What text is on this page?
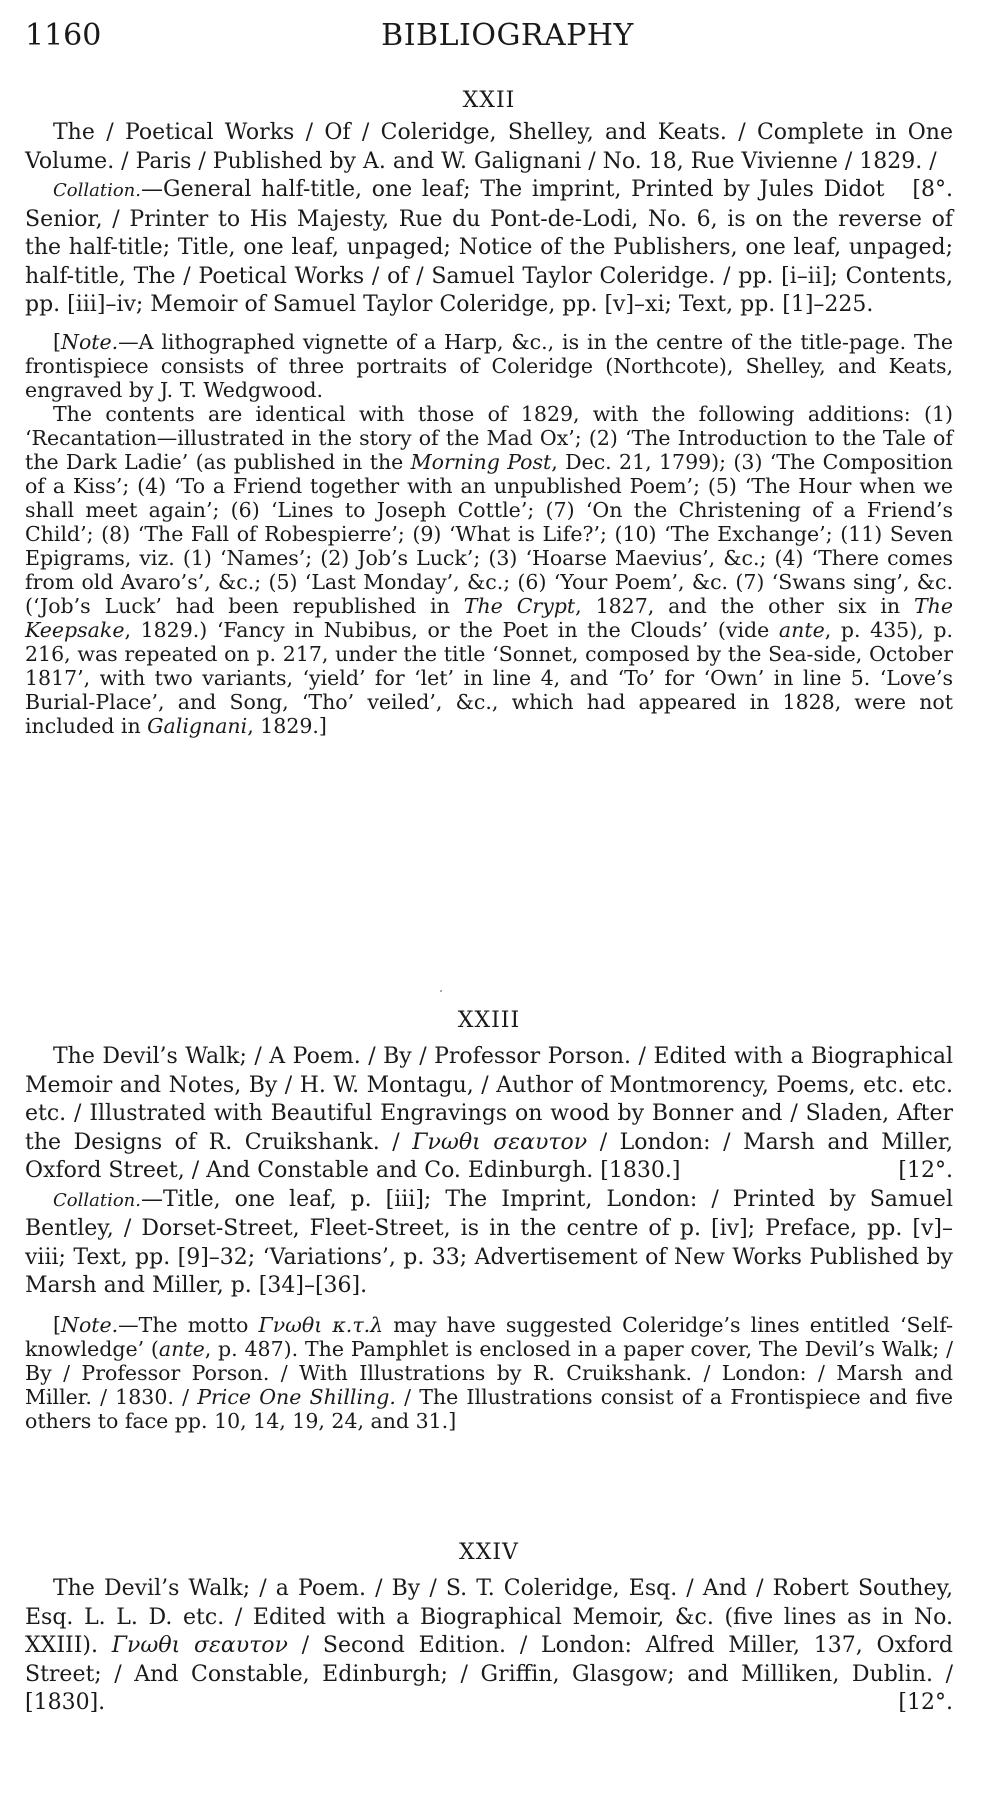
1160	BIBLIOGRAPHY

XXII

The / Poetical Works / Of / Coleridge, Shelley, and Keats. / Complete in One Volume. / Paris / Published by A. and W. Galignani / No. 18, Rue Vivienne / 1829. /
[8°.

Collation.—General half-title, one leaf; The imprint, Printed by Jules Didot Senior, / Printer to His Majesty, Rue du Pont-de-Lodi, No. 6, is on the reverse of the half-title; Title, one leaf, unpaged; Notice of the Publishers, one leaf, unpaged; half-title, The / Poetical Works / of / Samuel Taylor Coleridge. / pp. [i–ii]; Contents, pp. [iii]–iv; Memoir of Samuel Taylor Coleridge, pp. [v]–xi; Text, pp. [1]–225.

[Note.—A lithographed vignette of a Harp, &c., is in the centre of the title-page. The frontispiece consists of three portraits of Coleridge (Northcote), Shelley, and Keats, engraved by J. T. Wedgwood.

The contents are identical with those of 1829, with the following additions: (1) ‘Recantation—illustrated in the story of the Mad Ox’; (2) ‘The Introduction to the Tale of the Dark Ladie’ (as published in the Morning Post, Dec. 21, 1799); (3) ‘The Composition of a Kiss’; (4) ‘To a Friend together with an unpublished Poem’; (5) ‘The Hour when we shall meet again’; (6) ‘Lines to Joseph Cottle’; (7) ‘On the Christening of a Friend’s Child’; (8) ‘The Fall of Robespierre’; (9) ‘What is Life?’; (10) ‘The Exchange’; (11) Seven Epigrams, viz. (1) ‘Names’; (2) Job’s Luck’; (3) ‘Hoarse Maevius’, &c.; (4) ‘There comes from old Avaro’s’, &c.; (5) ‘Last Monday’, &c.; (6) ‘Your Poem’, &c. (7) ‘Swans sing’, &c. (‘Job’s Luck’ had been republished in The Crypt, 1827, and the other six in The Keepsake, 1829.) ‘Fancy in Nubibus, or the Poet in the Clouds’ (vide ante, p. 435), p. 216, was repeated on p. 217, under the title ‘Sonnet, composed by the Sea-side, October 1817’, with two variants, ‘yield’ for ‘let’ in line 4, and ‘To’ for ‘Own’ in line 5. ‘Love’s Burial-Place’, and Song, ‘Tho’ veiled’, &c., which had appeared in 1828, were not included in Galignani, 1829.]

XXIII

The Devil’s Walk; / A Poem. / By / Professor Porson. / Edited with a Biographical Memoir and Notes, By / H. W. Montagu, / Author of Montmorency, Poems, etc. etc. etc. / Illustrated with Beautiful Engravings on wood by Bonner and / Sladen, After the Designs of R. Cruikshank. / Γνωθι σεαυτον / London: / Marsh and Miller, Oxford Street, / And Constable and Co. Edinburgh. [1830.]	[12°.

Collation.—Title, one leaf, p. [iii]; The Imprint, London: / Printed by Samuel Bentley, / Dorset-Street, Fleet-Street, is in the centre of p. [iv]; Preface, pp. [v]–viii; Text, pp. [9]–32; ‘Variations’, p. 33; Advertisement of New Works Published by Marsh and Miller, p. [34]–[36].

[Note.—The motto Γνωθι κ.τ.λ may have suggested Coleridge’s lines entitled ‘Self-knowledge’ (ante, p. 487). The Pamphlet is enclosed in a paper cover, The Devil’s Walk; / By / Professor Porson. / With Illustrations by R. Cruikshank. / London: / Marsh and Miller. / 1830. / Price One Shilling. / The Illustrations consist of a Frontispiece and five others to face pp. 10, 14, 19, 24, and 31.]

XXIV

The Devil’s Walk; / a Poem. / By / S. T. Coleridge, Esq. / And / Robert Southey, Esq. L. L. D. etc. / Edited with a Biographical Memoir, &c. (five lines as in No. XXIII). Γνωθι σεαυτον / Second Edition. / London: Alfred Miller, 137, Oxford Street; / And Constable, Edinburgh; / Griffin, Glasgow; and Milliken, Dublin. / [1830].	[12°.
